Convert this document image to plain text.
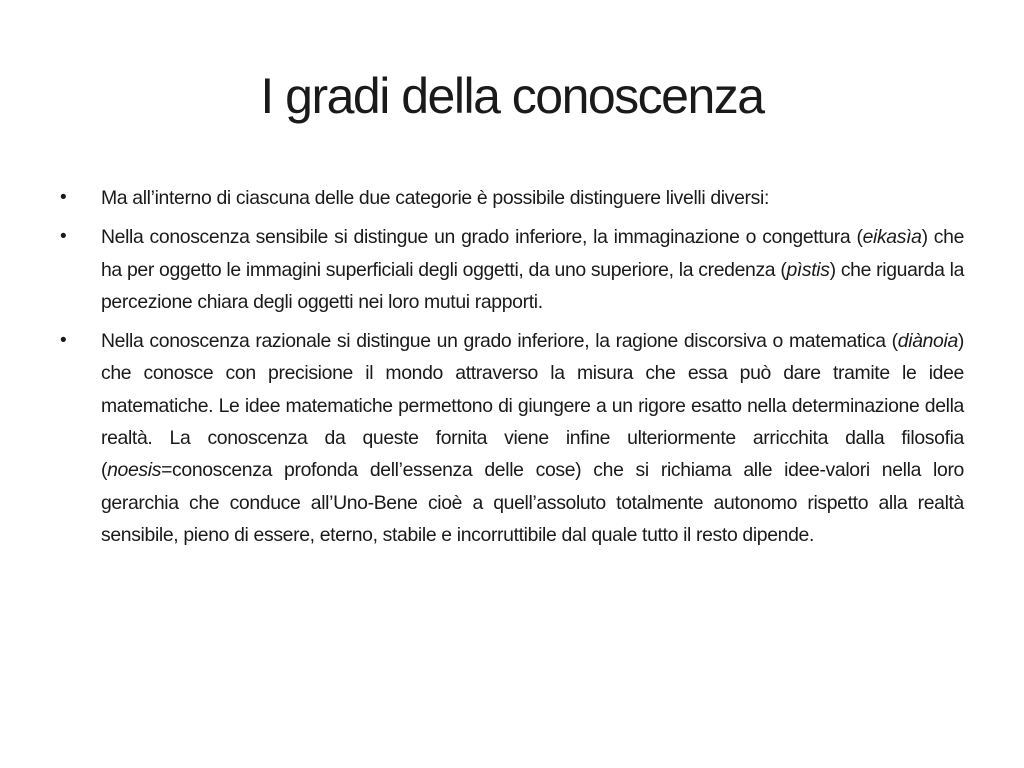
I gradi della conoscenza
•	Ma all’interno di ciascuna delle due categorie è possibile distinguere livelli diversi:
•	Nella conoscenza sensibile si distingue un grado inferiore, la immaginazione o congettura (eikasìa) che ha per oggetto le immagini superficiali degli oggetti, da uno superiore, la credenza (pìstis) che riguarda la percezione chiara degli oggetti nei loro mutui rapporti.
•	Nella conoscenza razionale si distingue un grado inferiore, la ragione discorsiva o matematica (diànoia) che conosce con precisione il mondo attraverso la misura che essa può dare tramite le idee matematiche. Le idee matematiche permettono di giungere a un rigore esatto nella determinazione della realtà. La conoscenza da queste fornita viene infine ulteriormente arricchita dalla filosofia (noesis=conoscenza profonda dell’essenza delle cose) che si richiama alle idee-valori nella loro gerarchia che conduce all’Uno-Bene cioè a quell’assoluto totalmente autonomo rispetto alla realtà sensibile, pieno di essere, eterno, stabile e incorruttibile dal quale tutto il resto dipende.
